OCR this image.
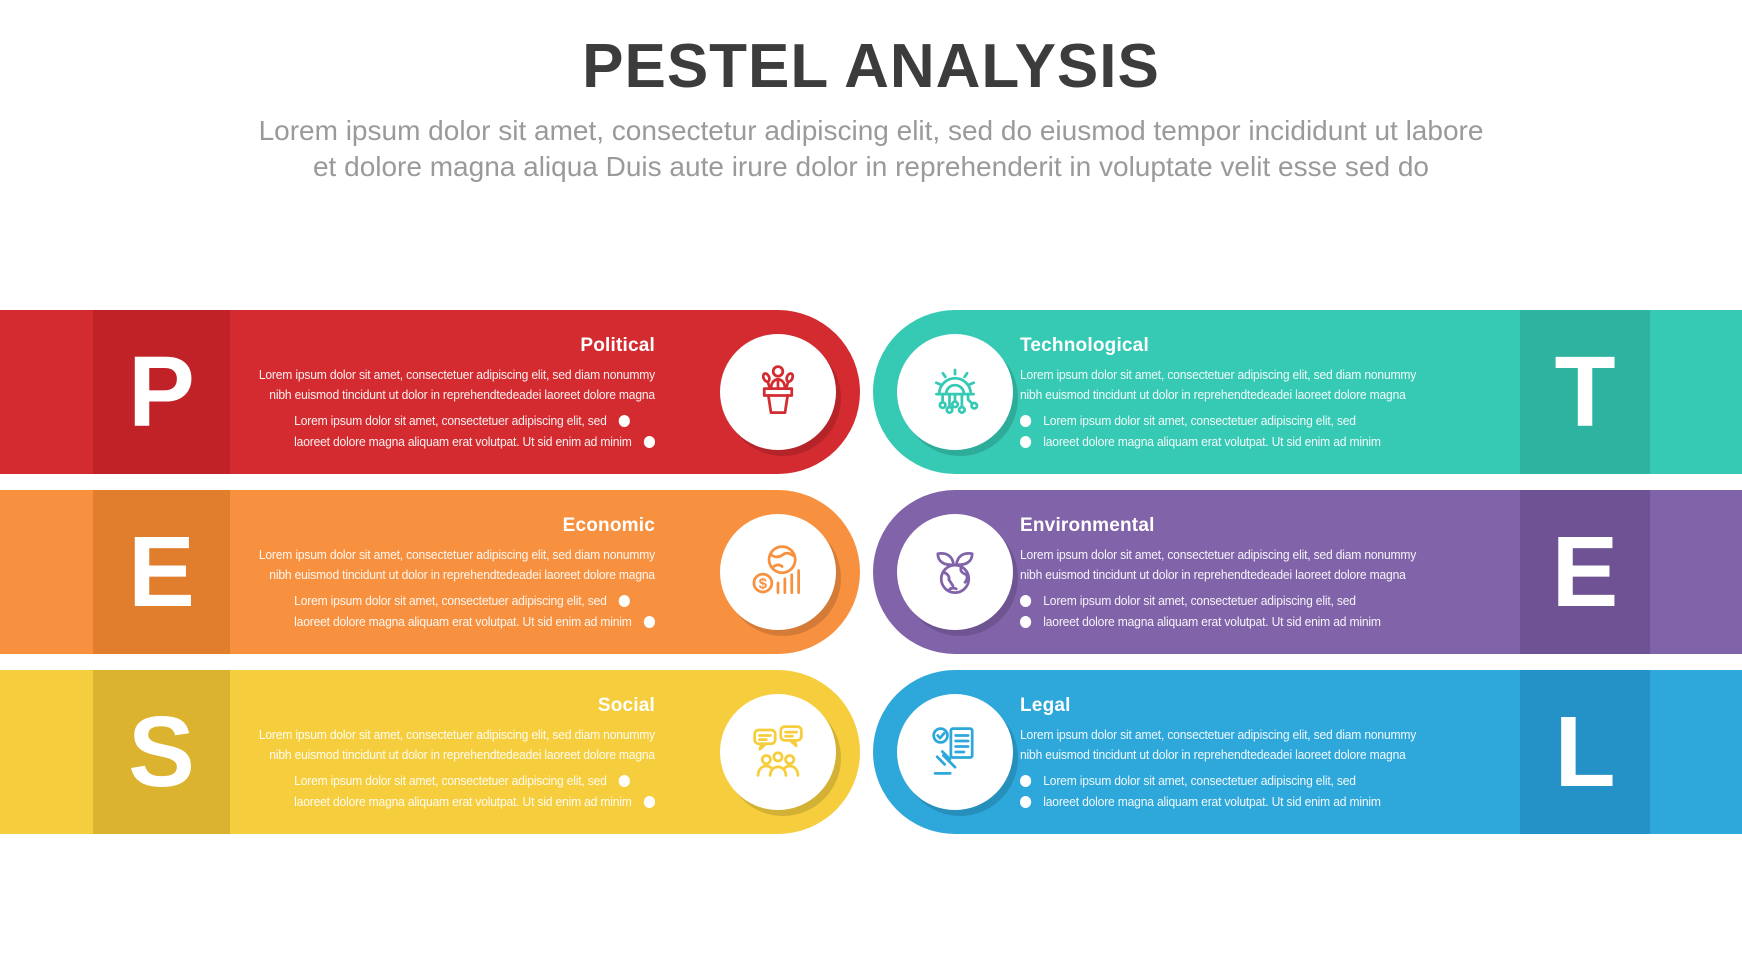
PESTEL ANALYSIS

Lorem ipsum dolor sit amet, consectetur adipiscing elit, sed do eiusmod tempor incididunt ut labore
et dolore magna aliqua Duis aute irure dolor in reprehenderit in voluptate velit esse sed do

P	Political

Lorem ipsum dolor sit amet, consectetuer adipiscing elit, sed diam nonummy
nibh euismod tincidunt ut dolor in reprehendtedeadei laoreet dolore magna

Lorem ipsum dolor sit amet, consectetuer adipiscing elit, sed
laoreet dolore magna aliquam erat volutpat. Ut sid enim ad minim	T
Technological

Lorem ipsum dolor sit amet, consectetuer adipiscing elit, sed diam nonummy
nibh euismod tincidunt ut dolor in reprehendtedeadei laoreet dolore magna

Lorem ipsum dolor sit amet, consectetuer adipiscing elit, sed
laoreet dolore magna aliquam erat volutpat. Ut sid enim ad minim
E	Economic

Lorem ipsum dolor sit amet, consectetuer adipiscing elit, sed diam nonummy
nibh euismod tincidunt ut dolor in reprehendtedeadei laoreet dolore magna

Lorem ipsum dolor sit amet, consectetuer adipiscing elit, sed
laoreet dolore magna aliquam erat volutpat. Ut sid enim ad minim
$	E
Environmental

Lorem ipsum dolor sit amet, consectetuer adipiscing elit, sed diam nonummy
nibh euismod tincidunt ut dolor in reprehendtedeadei laoreet dolore magna

Lorem ipsum dolor sit amet, consectetuer adipiscing elit, sed
laoreet dolore magna aliquam erat volutpat. Ut sid enim ad minim
S	Social

Lorem ipsum dolor sit amet, consectetuer adipiscing elit, sed diam nonummy
nibh euismod tincidunt ut dolor in reprehendtedeadei laoreet dolore magna

Lorem ipsum dolor sit amet, consectetuer adipiscing elit, sed
laoreet dolore magna aliquam erat volutpat. Ut sid enim ad minim	L
Legal

Lorem ipsum dolor sit amet, consectetuer adipiscing elit, sed diam nonummy
nibh euismod tincidunt ut dolor in reprehendtedeadei laoreet dolore magna

Lorem ipsum dolor sit amet, consectetuer adipiscing elit, sed
laoreet dolore magna aliquam erat volutpat. Ut sid enim ad minim
